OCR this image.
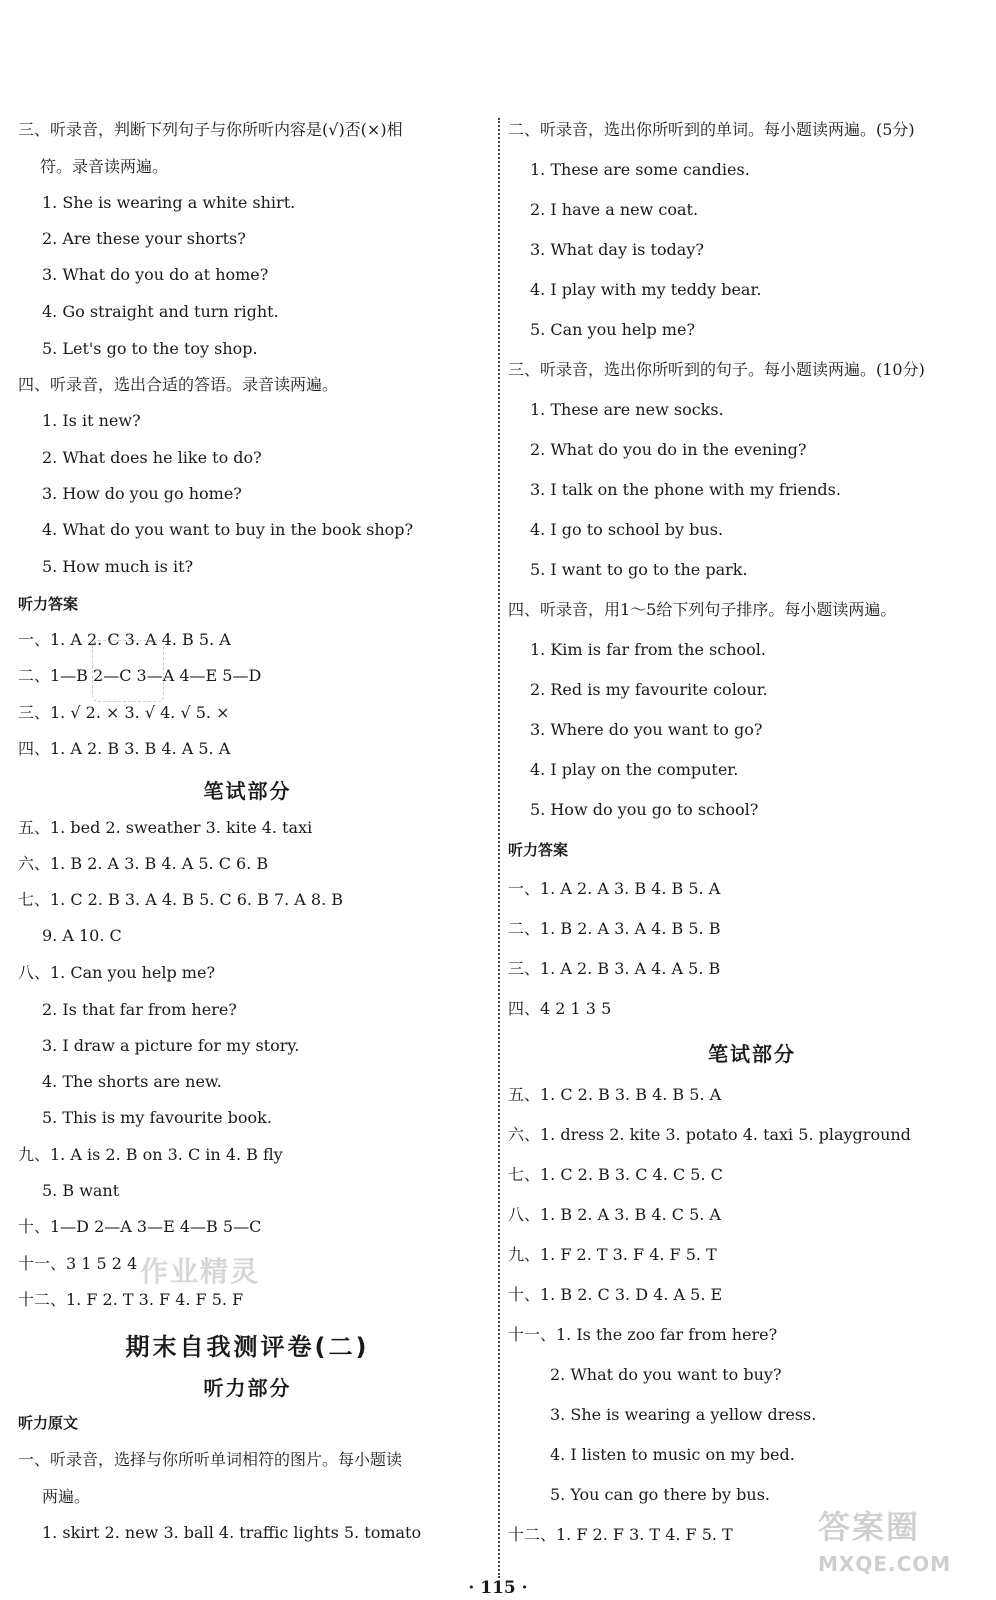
三、听录音，判断下列句子与你所听内容是(√)否(×)相
符。录音读两遍。
1. She is wearing a white shirt.
2. Are these your shorts?
3. What do you do at home?
4. Go straight and turn right.
5. Let's go to the toy shop.
四、听录音，选出合适的答语。录音读两遍。
1. Is it new?
2. What does he like to do?
3. How do you go home?
4. What do you want to buy in the book shop?
5. How much is it?
听力答案
一、1. A 2. C 3. A 4. B 5. A
二、1—B 2—C 3—A 4—E 5—D
三、1. √ 2. × 3. √ 4. √ 5. ×
四、1. A 2. B 3. B 4. A 5. A
笔试部分
五、1. bed 2. sweather 3. kite 4. taxi
六、1. B 2. A 3. B 4. A 5. C 6. B
七、1. C 2. B 3. A 4. B 5. C 6. B 7. A 8. B
9. A 10. C
八、1. Can you help me?
2. Is that far from here?
3. I draw a picture for my story.
4. The shorts are new.
5. This is my favourite book.
九、1. A is 2. B on 3. C in 4. B fly
5. B want
十、1—D 2—A 3—E 4—B 5—C
十一、3 1 5 2 4
十二、1. F 2. T 3. F 4. F 5. F
期末自我测评卷(二)
听力部分
听力原文
一、听录音，选择与你所听单词相符的图片。每小题读
两遍。
1. skirt 2. new 3. ball 4. traffic lights 5. tomato
二、听录音，选出你所听到的单词。每小题读两遍。(5分)
1. These are some candies.
2. I have a new coat.
3. What day is today?
4. I play with my teddy bear.
5. Can you help me?
三、听录音，选出你所听到的句子。每小题读两遍。(10分)
1. These are new socks.
2. What do you do in the evening?
3. I talk on the phone with my friends.
4. I go to school by bus.
5. I want to go to the park.
四、听录音，用1～5给下列句子排序。每小题读两遍。
1. Kim is far from the school.
2. Red is my favourite colour.
3. Where do you want to go?
4. I play on the computer.
5. How do you go to school?
听力答案
一、1. A 2. A 3. B 4. B 5. A
二、1. B 2. A 3. A 4. B 5. B
三、1. A 2. B 3. A 4. A 5. B
四、4 2 1 3 5
笔试部分
五、1. C 2. B 3. B 4. B 5. A
六、1. dress 2. kite 3. potato 4. taxi 5. playground
七、1. C 2. B 3. C 4. C 5. C
八、1. B 2. A 3. B 4. C 5. A
九、1. F 2. T 3. F 4. F 5. T
十、1. B 2. C 3. D 4. A 5. E
十一、1. Is the zoo far from here?
2. What do you want to buy?
3. She is wearing a yellow dress.
4. I listen to music on my bed.
5. You can go there by bus.
十二、1. F 2. F 3. T 4. F 5. T
作业精灵
答案圈
MXQE.COM
· 115 ·
